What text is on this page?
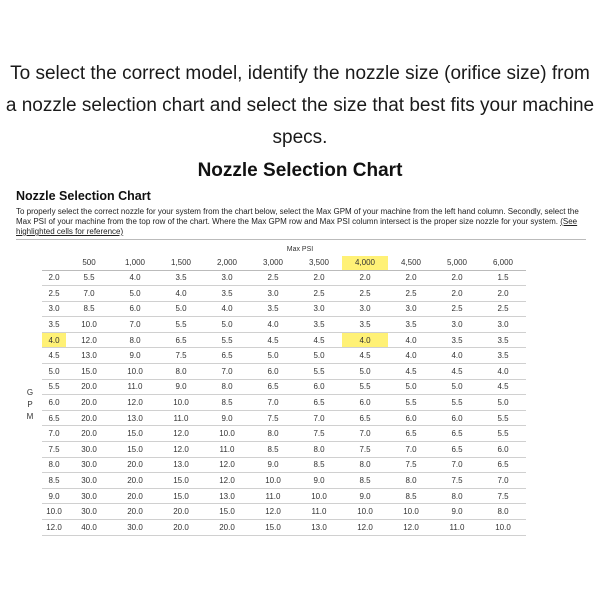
To select the correct model, identify the nozzle size (orifice size) from a nozzle selection chart and select the size that best fits your machine specs.
Nozzle Selection Chart
Nozzle Selection Chart
To properly select the correct nozzle for your system from the chart below, select the Max GPM of your machine from the left hand column. Secondly, select the Max PSI of your machine from the top row of the chart. Where the Max GPM row and Max PSI column intersect is the proper size nozzle for your system. (See highlighted cells for reference)
Max PSI
	500	1,000	1,500	2,000	3,000	3,500	4,000	4,500	5,000	6,000
2.0	5.5	4.0	3.5	3.0	2.5	2.0	2.0	2.0	2.0	1.5
2.5	7.0	5.0	4.0	3.5	3.0	2.5	2.5	2.5	2.0	2.0
3.0	8.5	6.0	5.0	4.0	3.5	3.0	3.0	3.0	2.5	2.5
3.5	10.0	7.0	5.5	5.0	4.0	3.5	3.5	3.5	3.0	3.0
4.0	12.0	8.0	6.5	5.5	4.5	4.5	4.0	4.0	3.5	3.5
4.5	13.0	9.0	7.5	6.5	5.0	5.0	4.5	4.0	4.0	3.5
5.0	15.0	10.0	8.0	7.0	6.0	5.5	5.0	4.5	4.5	4.0
5.5	20.0	11.0	9.0	8.0	6.5	6.0	5.5	5.0	5.0	4.5
6.0	20.0	12.0	10.0	8.5	7.0	6.5	6.0	5.5	5.5	5.0
6.5	20.0	13.0	11.0	9.0	7.5	7.0	6.5	6.0	6.0	5.5
7.0	20.0	15.0	12.0	10.0	8.0	7.5	7.0	6.5	6.5	5.5
7.5	30.0	15.0	12.0	11.0	8.5	8.0	7.5	7.0	6.5	6.0
8.0	30.0	20.0	13.0	12.0	9.0	8.5	8.0	7.5	7.0	6.5
8.5	30.0	20.0	15.0	12.0	10.0	9.0	8.5	8.0	7.5	7.0
9.0	30.0	20.0	15.0	13.0	11.0	10.0	9.0	8.5	8.0	7.5
10.0	30.0	20.0	20.0	15.0	12.0	11.0	10.0	10.0	9.0	8.0
12.0	40.0	30.0	20.0	20.0	15.0	13.0	12.0	12.0	11.0	10.0
G
P
M
